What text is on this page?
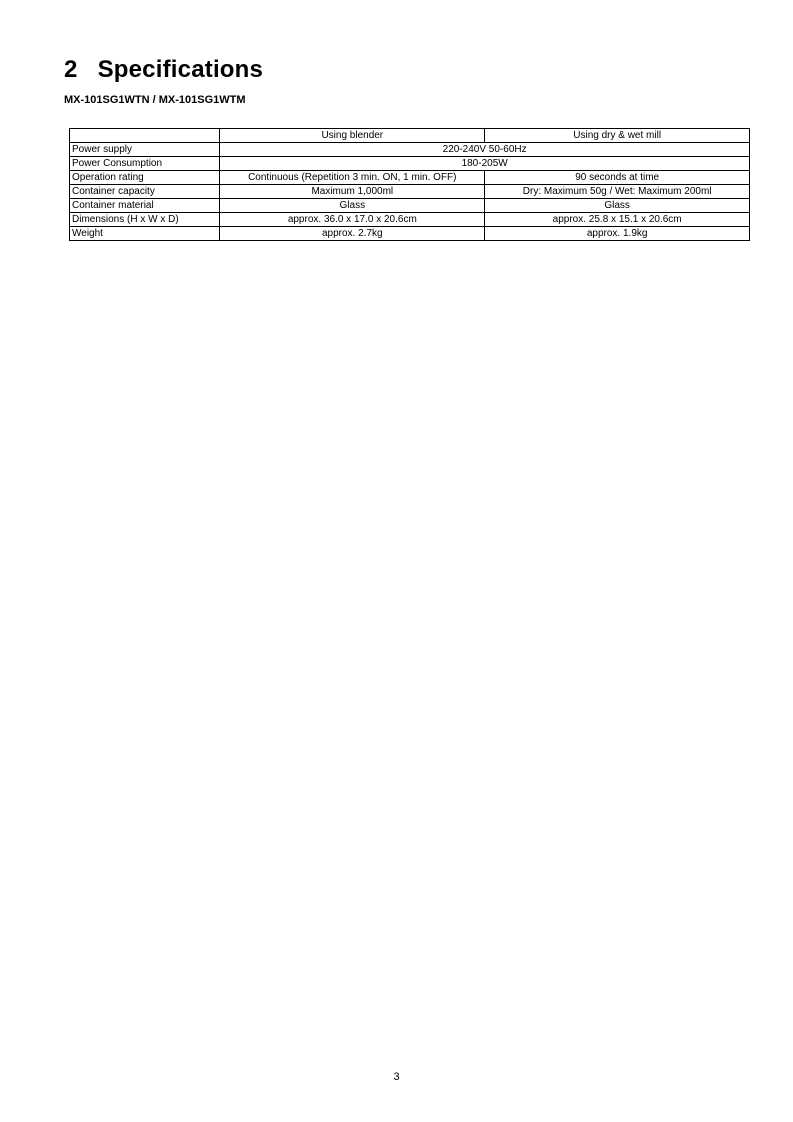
2 Specifications
MX-101SG1WTN / MX-101SG1WTM
	Using blender	Using dry & wet mill
Power supply	220-240V 50-60Hz	
Power Consumption	180-205W	
Operation rating	Continuous (Repetition 3 min. ON, 1 min. OFF)	90 seconds at time
Container capacity	Maximum 1,000ml	Dry: Maximum 50g / Wet: Maximum 200ml
Container material	Glass	Glass
Dimensions (H x W x D)	approx. 36.0 x 17.0 x 20.6cm	approx. 25.8 x 15.1 x 20.6cm
Weight	approx. 2.7kg	approx. 1.9kg
3
